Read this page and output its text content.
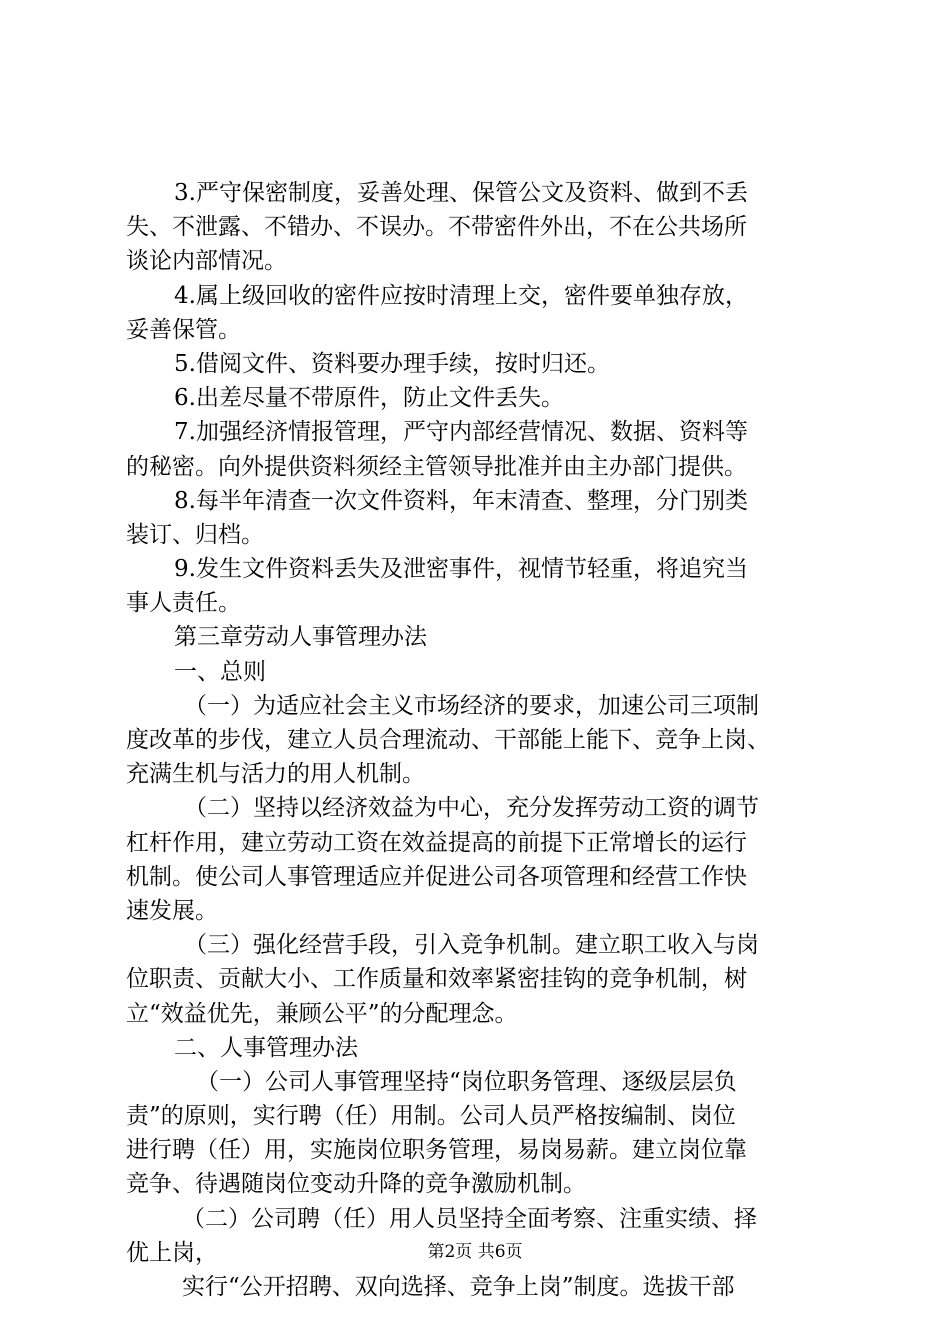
3.严守保密制度，妥善处理、保管公文及资料、做到不丢
失、不泄露、不错办、不误办。不带密件外出，不在公共场所
谈论内部情况。
4.属上级回收的密件应按时清理上交，密件要单独存放，
妥善保管。
5.借阅文件、资料要办理手续，按时归还。
6.出差尽量不带原件，防止文件丢失。
7.加强经济情报管理，严守内部经营情况、数据、资料等
的秘密。向外提供资料须经主管领导批准并由主办部门提供。
8.每半年清查一次文件资料，年末清查、整理，分门别类
装订、归档。
9.发生文件资料丢失及泄密事件，视情节轻重，将追究当
事人责任。
第三章劳动人事管理办法
一、总则
（一）为适应社会主义市场经济的要求，加速公司三项制
度改革的步伐，建立人员合理流动、干部能上能下、竞争上岗、
充满生机与活力的用人机制。
（二）坚持以经济效益为中心，充分发挥劳动工资的调节
杠杆作用，建立劳动工资在效益提高的前提下正常增长的运行
机制。使公司人事管理适应并促进公司各项管理和经营工作快
速发展。
（三）强化经营手段，引入竞争机制。建立职工收入与岗
位职责、贡献大小、工作质量和效率紧密挂钩的竞争机制，树
立“效益优先，兼顾公平”的分配理念。
二、人事管理办法
（一）公司人事管理坚持“岗位职务管理、逐级层层负
责”的原则，实行聘（任）用制。公司人员严格按编制、岗位
进行聘（任）用，实施岗位职务管理，易岗易薪。建立岗位靠
竞争、待遇随岗位变动升降的竞争激励机制。
（二）公司聘（任）用人员坚持全面考察、注重实绩、择
优上岗，
实行“公开招聘、双向选择、竞争上岗”制度。选拔干部
第2页 共6页
